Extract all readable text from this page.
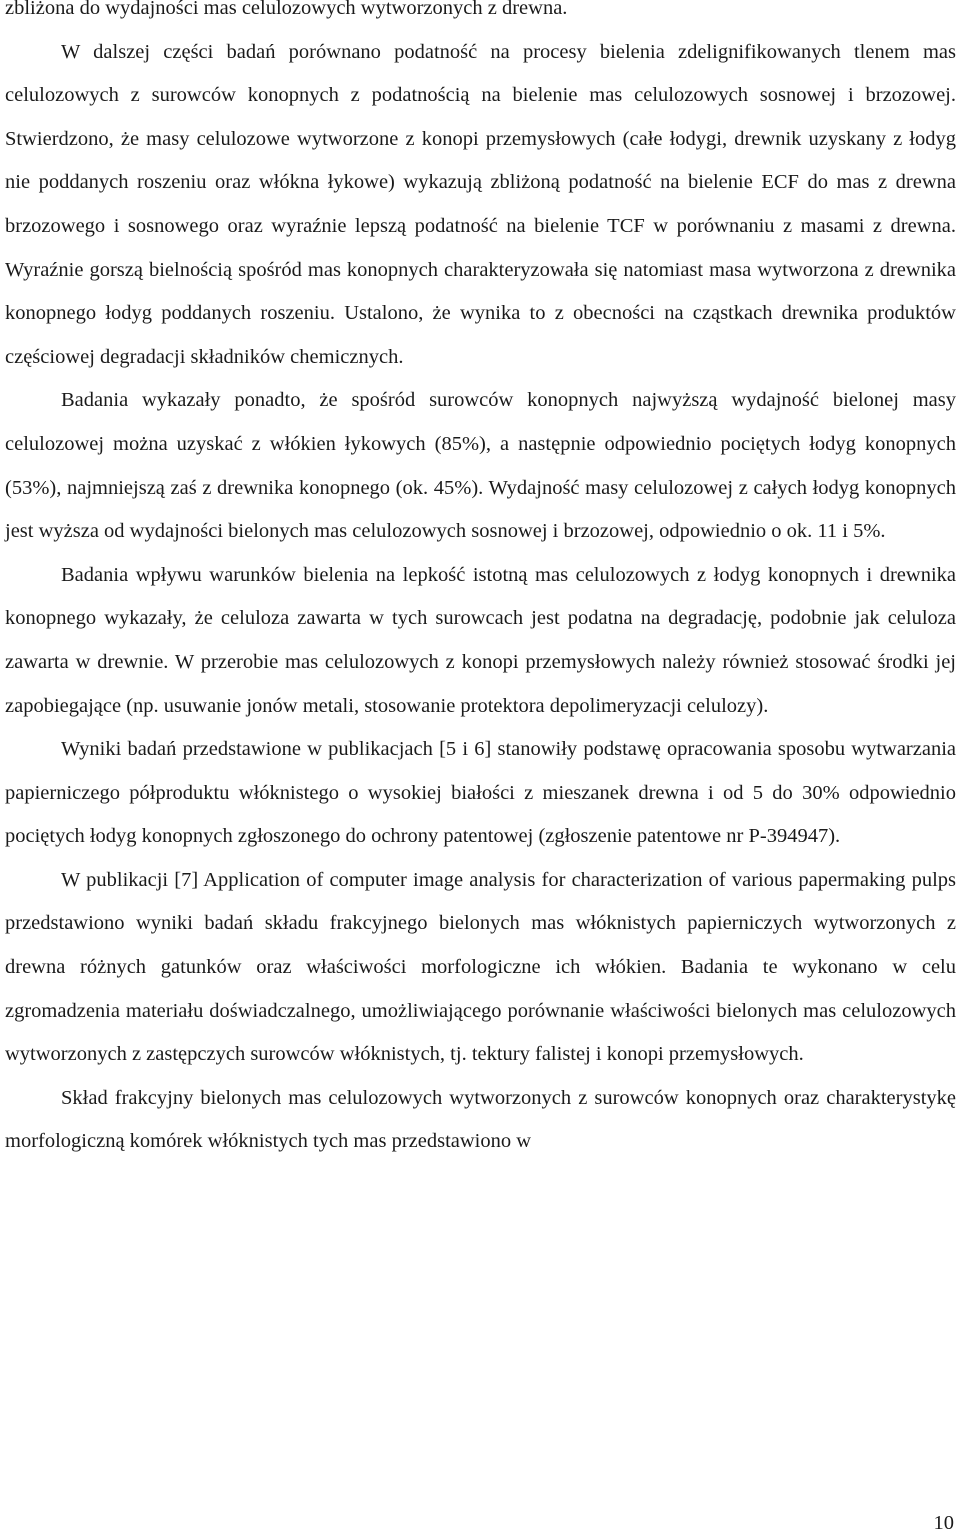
zbliżona do wydajności mas celulozowych wytworzonych z drewna.

W dalszej części badań porównano podatność na procesy bielenia zdelignifikowanych tlenem mas celulozowych z surowców konopnych z podatnością na bielenie mas celulozowych sosnowej i brzozowej. Stwierdzono, że masy celulozowe wytworzone z konopi przemysłowych (całe łodygi, drewnik uzyskany z łodyg nie poddanych roszeniu oraz włókna łykowe) wykazują zbliżoną podatność na bielenie ECF do mas z drewna brzozowego i sosnowego oraz wyraźnie lepszą podatność na bielenie TCF w porównaniu z masami z drewna. Wyraźnie gorszą bielnością spośród mas konopnych charakteryzowała się natomiast masa wytworzona z drewnika konopnego łodyg poddanych roszeniu. Ustalono, że wynika to z obecności na cząstkach drewnika produktów częściowej degradacji składników chemicznych.

Badania wykazały ponadto, że spośród surowców konopnych najwyższą wydajność bielonej masy celulozowej można uzyskać z włókien łykowych (85%), a następnie odpowiednio pociętych łodyg konopnych (53%), najmniejszą zaś z drewnika konopnego (ok. 45%). Wydajność masy celulozowej z całych łodyg konopnych jest wyższa od wydajności bielonych mas celulozowych sosnowej i brzozowej, odpowiednio o ok. 11 i 5%.

Badania wpływu warunków bielenia na lepkość istotną mas celulozowych z łodyg konopnych i drewnika konopnego wykazały, że celuloza zawarta w tych surowcach jest podatna na degradację, podobnie jak celuloza zawarta w drewnie. W przerobie mas celulozowych z konopi przemysłowych należy również stosować środki jej zapobiegające (np. usuwanie jonów metali, stosowanie protektora depolimeryzacji celulozy).

Wyniki badań przedstawione w publikacjach [5 i 6] stanowiły podstawę opracowania sposobu wytwarzania papierniczego półproduktu włóknistego o wysokiej białości z mieszanek drewna i od 5 do 30% odpowiednio pociętych łodyg konopnych zgłoszonego do ochrony patentowej (zgłoszenie patentowe nr P-394947).

W publikacji [7] Application of computer image analysis for characterization of various papermaking pulps przedstawiono wyniki badań składu frakcyjnego bielonych mas włóknistych papierniczych wytworzonych z drewna różnych gatunków oraz właściwości morfologiczne ich włókien. Badania te wykonano w celu zgromadzenia materiału doświadczalnego, umożliwiającego porównanie właściwości bielonych mas celulozowych wytworzonych z zastępczych surowców włóknistych, tj. tektury falistej i konopi przemysłowych.

Skład frakcyjny bielonych mas celulozowych wytworzonych z surowców konopnych oraz charakterystykę morfologiczną komórek włóknistych tych mas przedstawiono w

10
